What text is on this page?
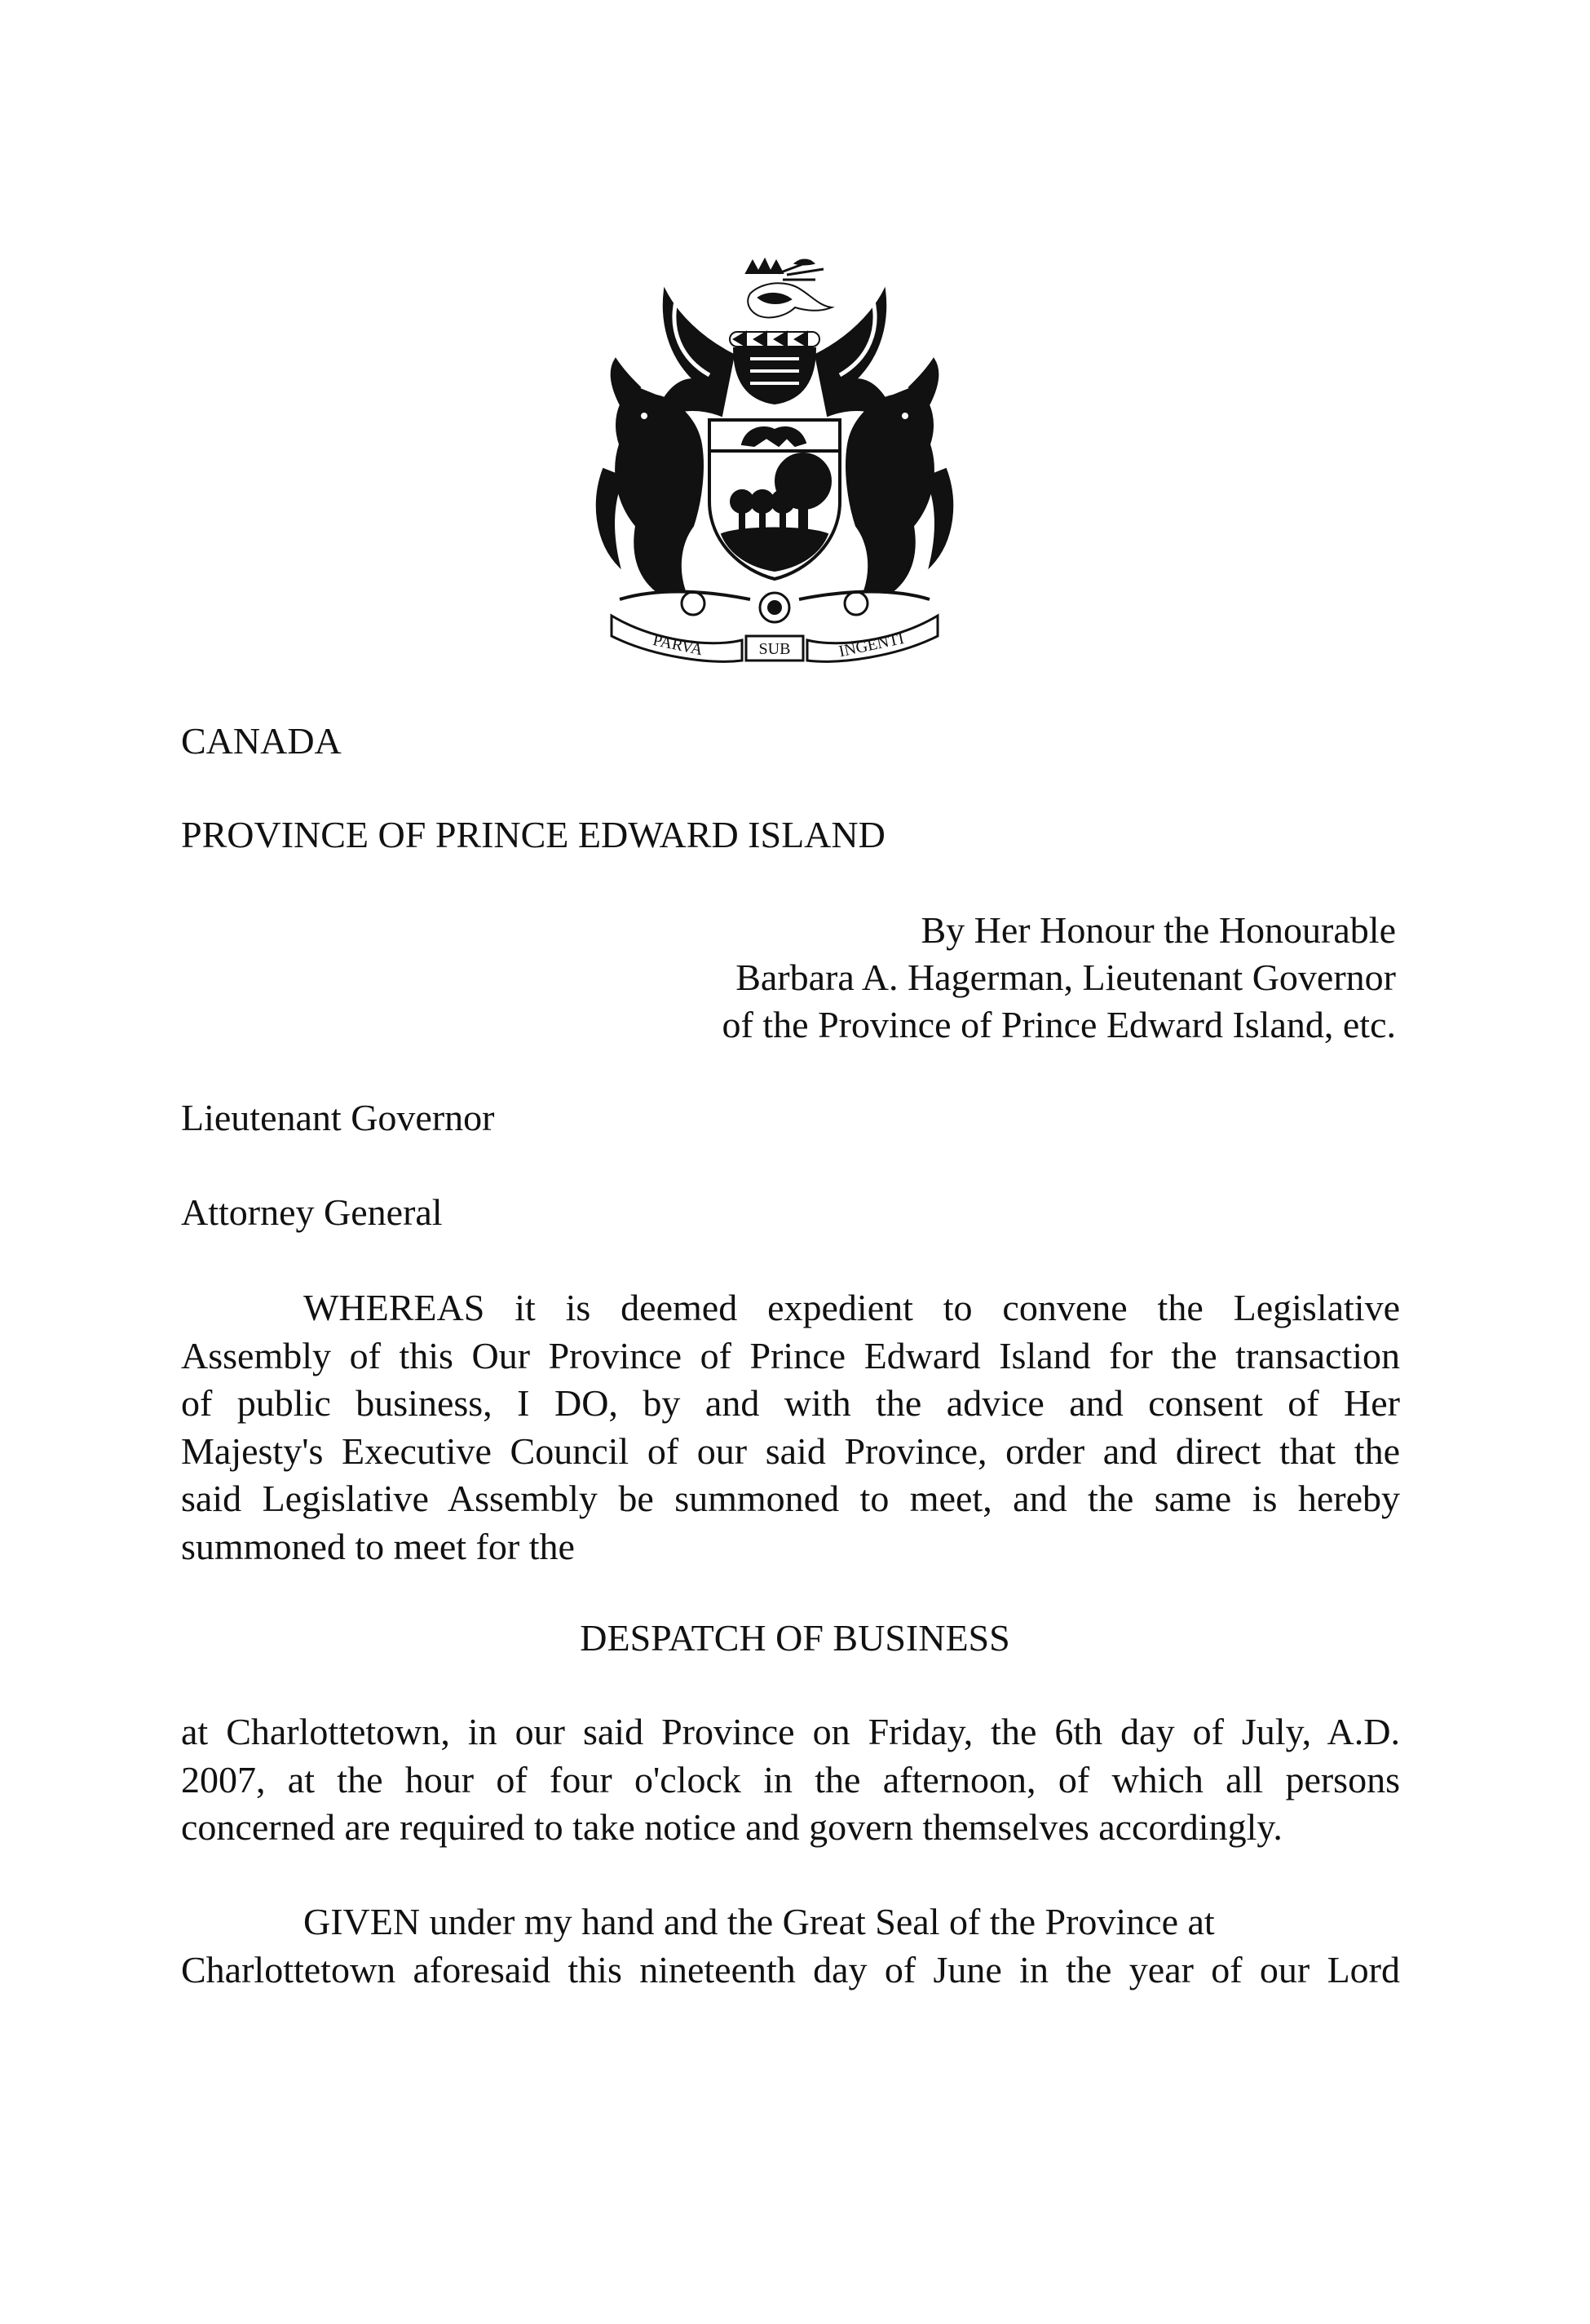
PARVA	SUB	INGENTI
CANADA
PROVINCE OF PRINCE EDWARD ISLAND
By Her Honour the Honourable
Barbara A. Hagerman, Lieutenant Governor
of the Province of Prince Edward Island, etc.
Lieutenant Governor
Attorney General
WHEREAS it is deemed expedient to convene the Legislative
Assembly of this Our Province of Prince Edward Island for the transaction
of public business, I DO, by and with the advice and consent of Her
Majesty's Executive Council of our said Province, order and direct that the
said Legislative Assembly be summoned to meet, and the same is hereby
summoned to meet for the
DESPATCH OF BUSINESS
at Charlottetown, in our said Province on Friday, the 6th day of July, A.D.
2007, at the hour of four o'clock in the afternoon, of which all persons
concerned are required to take notice and govern themselves accordingly.
GIVEN under my hand and the Great Seal of the Province at
Charlottetown aforesaid this nineteenth day of June in the year of our Lord
